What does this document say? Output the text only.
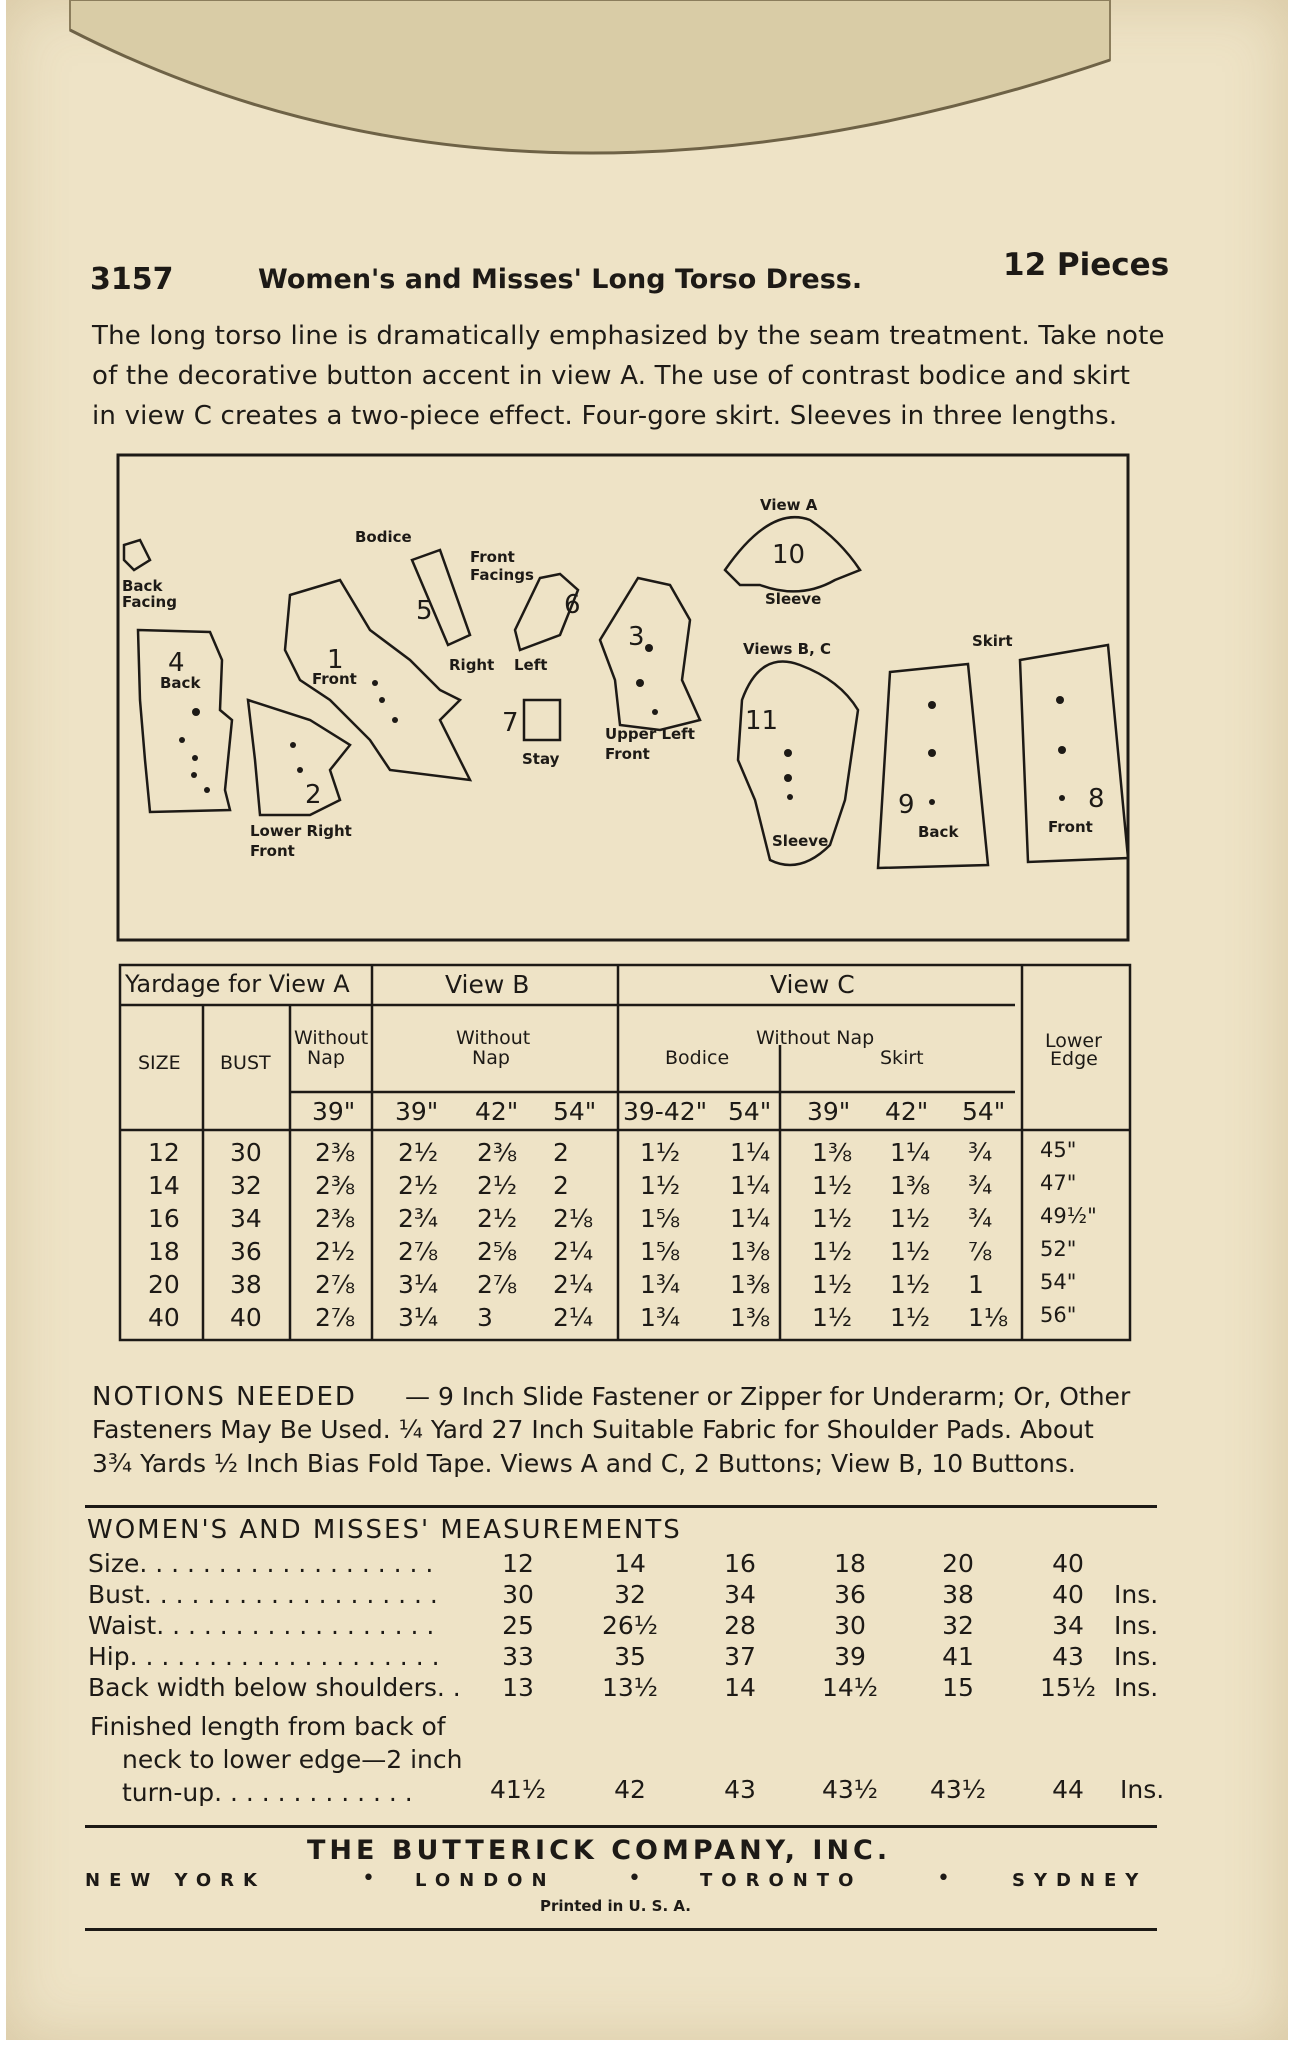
3157	Women's and Misses' Long Torso Dress.	12 Pieces
The long torso line is dramatically emphasized by the seam treatment. Take note
of the decorative button accent in view A. The use of contrast bodice and skirt
in view C creates a two-piece effect. Four-gore skirt. Sleeves in three lengths.
Back
Facing
Back
Bodice
Front
Front
Facings
Right Left
Stay
Lower Right
Front
Upper Left
Front
View A
Sleeve
Views B, C
Sleeve
Skirt
Back	Front
1
2
3
4
5	6
7
8
9
10
11
Yardage for View A	View B	View C
SIZE BUST
Without
Nap
Without
Nap
Without Nap
Bodice	Skirt
Lower
Edge
39" 39" 42" 54" 39-42" 54" 39" 42" 54"
12 30 2⅜ 2½ 2⅜ 2	1½ 1¼ 1⅜ 1¼ ¾ 45"
14 32 2⅜ 2½ 2½ 2	1½ 1¼ 1½ 1⅜ ¾ 47"
16 34 2⅜ 2¾ 2½ 2⅛ 1⅝ 1¼ 1½ 1½ ¾ 49½"
18 36 2½ 2⅞ 2⅝ 2¼ 1⅝ 1⅜ 1½ 1½ ⅞ 52"
20 38 2⅞ 3¼ 2⅞ 2¼ 1¾ 1⅜ 1½ 1½ 1	54"
40 40 2⅞ 3¼ 3 2¼ 1¾ 1⅜ 1½ 1½ 1⅛ 56"
NOTIONS NEEDED — 9 Inch Slide Fastener or Zipper for Underarm; Or, Other
Fasteners May Be Used. ¼ Yard 27 Inch Suitable Fabric for Shoulder Pads. About
3¾ Yards ½ Inch Bias Fold Tape. Views A and C, 2 Buttons; View B, 10 Buttons.
WOMEN'S AND MISSES' MEASUREMENTS
Size. . . . . . . . . . . . . . . . . . .	12	14	16	18	20	40
Bust. . . . . . . . . . . . . . . . . . .	30	32	34	36	38	40	Ins.
Waist. . . . . . . . . . . . . . . . . .	25	26½	28	30	32	34	Ins.
Hip. . . . . . . . . . . . . . . . . . . .	33	35	37	39	41	43	Ins.
Back width below shoulders. .	13	13½	14	14½	15	15½ Ins.
Finished length from back of
neck to lower edge—2 inch
turn-up. . . . . . . . . . . . .	41½	42	43	43½	43½	44	Ins.
THE BUTTERICK COMPANY, INC.
NEW YORK	• LONDON	•	TORONTO	•	SYDNEY
Printed in U. S. A.
